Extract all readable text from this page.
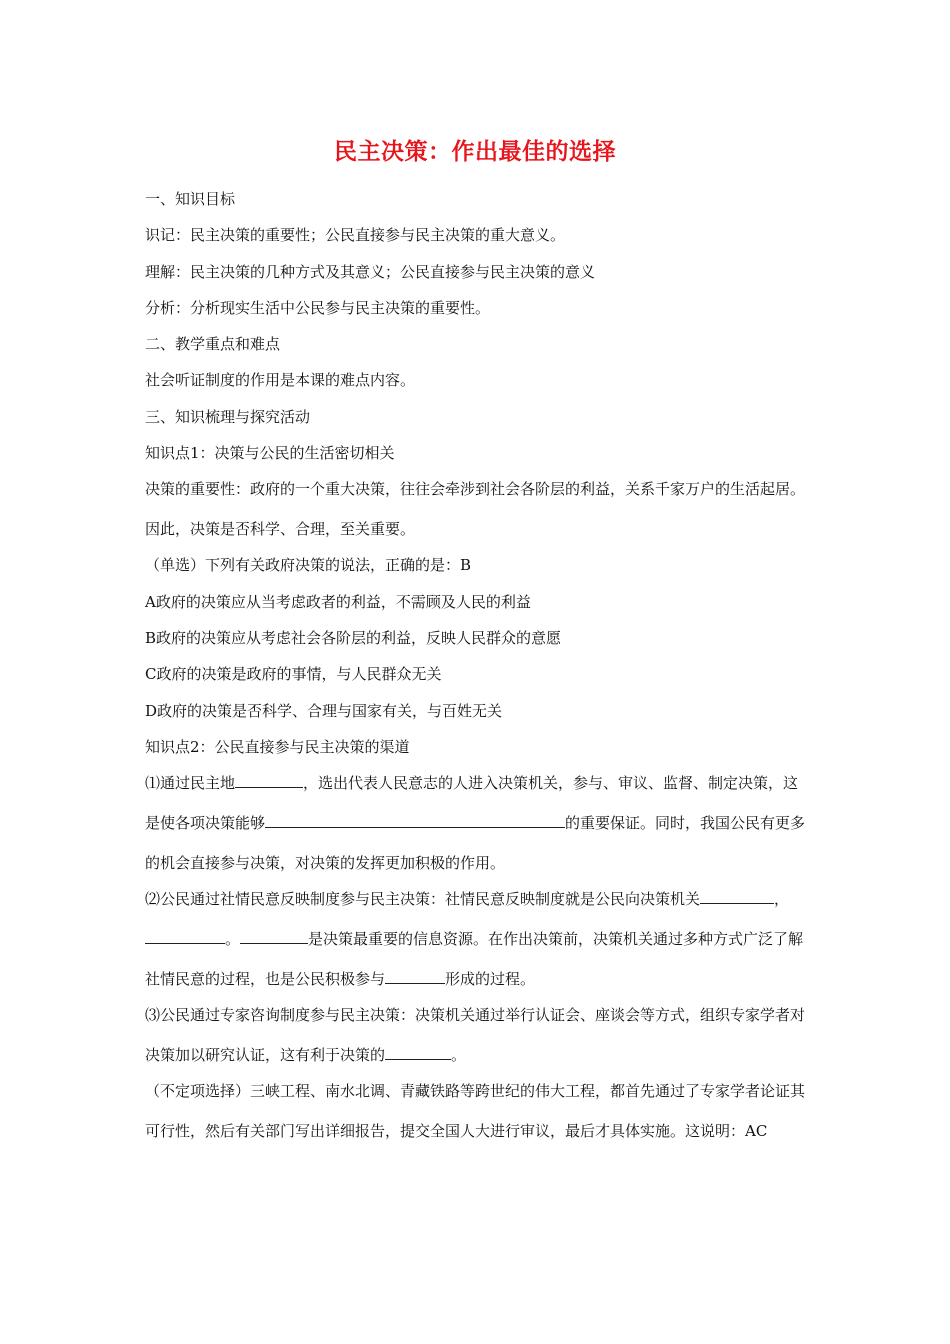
民主决策：作出最佳的选择
一、知识目标
识记：民主决策的重要性；公民直接参与民主决策的重大意义。
理解：民主决策的几种方式及其意义；公民直接参与民主决策的意义
分析：分析现实生活中公民参与民主决策的重要性。
二、教学重点和难点
社会听证制度的作用是本课的难点内容。
三、知识梳理与探究活动
知识点1：决策与公民的生活密切相关
决策的重要性：政府的一个重大决策，往往会牵涉到社会各阶层的利益，关系千家万户的生活起居。因此，决策是否科学、合理，至关重要。
（单选）下列有关政府决策的说法，正确的是：B
A政府的决策应从当考虑政者的利益，不需顾及人民的利益
B政府的决策应从考虑社会各阶层的利益，反映人民群众的意愿
C政府的决策是政府的事情，与人民群众无关
D政府的决策是否科学、合理与国家有关，与百姓无关
知识点2：公民直接参与民主决策的渠道
⑴通过民主地	，选出代表人民意志的人进入决策机关，参与、审议、监督、制定决策，这是使各项决策能够	的重要保证。同时，我国公民有更多的机会直接参与决策，对决策的发挥更加积极的作用。
⑵公民通过社情民意反映制度参与民主决策：社情民意反映制度就是公民向决策机关	，。	是决策最重要的信息资源。在作出决策前，决策机关通过多种方式广泛了解社情民意的过程，也是公民积极参与	形成的过程。
⑶公民通过专家咨询制度参与民主决策：决策机关通过举行认证会、座谈会等方式，组织专家学者对决策加以研究认证，这有利于决策的	。
（不定项选择）三峡工程、南水北调、青藏铁路等跨世纪的伟大工程，都首先通过了专家学者论证其可行性，然后有关部门写出详细报告，提交全国人大进行审议，最后才具体实施。这说明：AC
